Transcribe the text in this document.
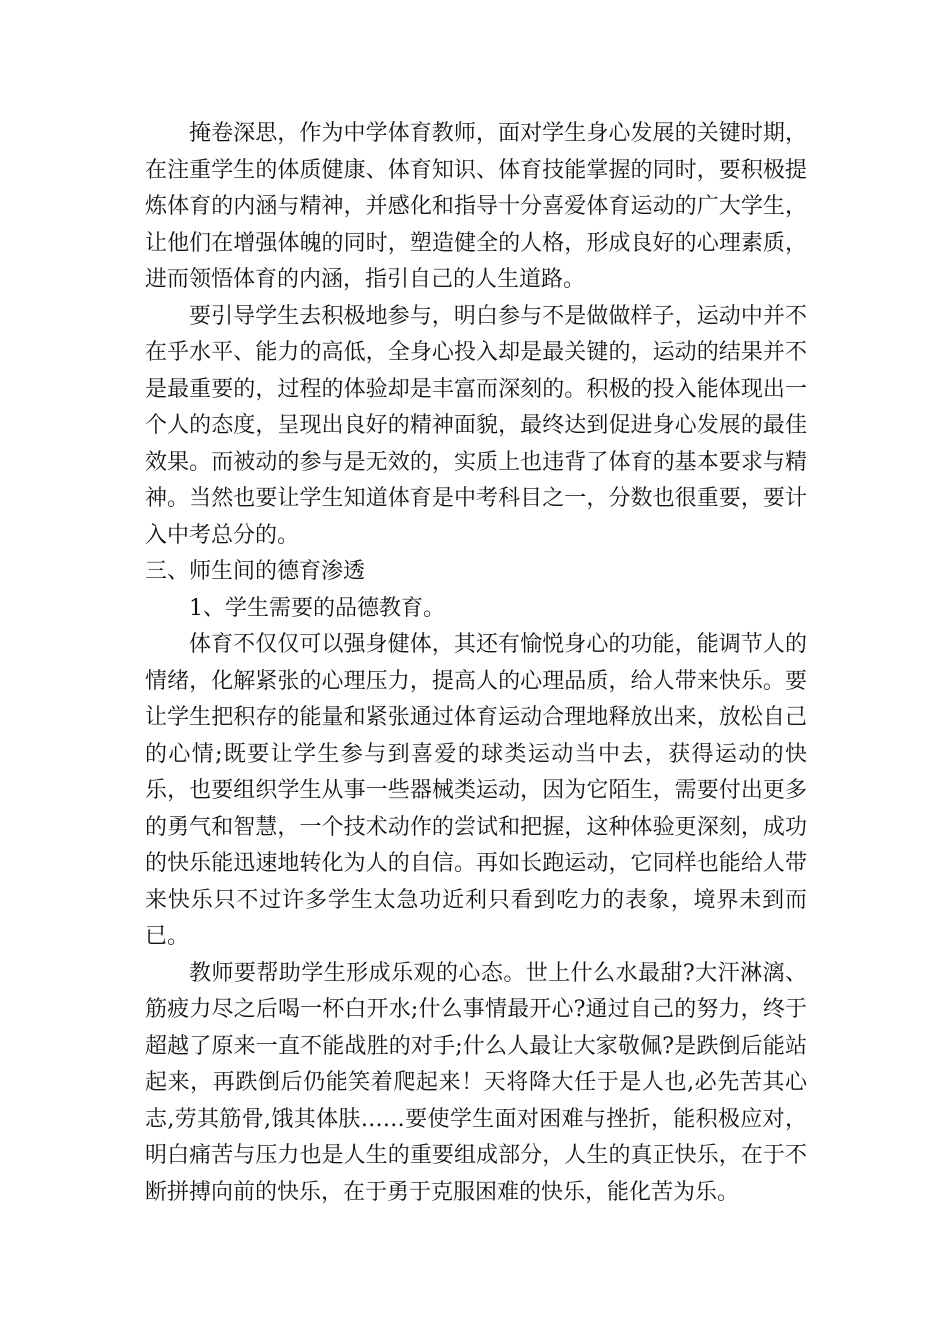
掩卷深思，作为中学体育教师，面对学生身心发展的关键时期，在注重学生的体质健康、体育知识、体育技能掌握的同时，要积极提炼体育的内涵与精神，并感化和指导十分喜爱体育运动的广大学生，让他们在增强体魄的同时，塑造健全的人格，形成良好的心理素质，进而领悟体育的内涵，指引自己的人生道路。

要引导学生去积极地参与，明白参与不是做做样子，运动中并不在乎水平、能力的高低，全身心投入却是最关键的，运动的结果并不是最重要的，过程的体验却是丰富而深刻的。积极的投入能体现出一个人的态度，呈现出良好的精神面貌，最终达到促进身心发展的最佳效果。而被动的参与是无效的，实质上也违背了体育的基本要求与精神。当然也要让学生知道体育是中考科目之一，分数也很重要，要计入中考总分的。

三、师生间的德育渗透

1、学生需要的品德教育。

体育不仅仅可以强身健体，其还有愉悦身心的功能，能调节人的情绪，化解紧张的心理压力，提高人的心理品质，给人带来快乐。要让学生把积存的能量和紧张通过体育运动合理地释放出来，放松自己的心情;既要让学生参与到喜爱的球类运动当中去，获得运动的快乐，也要组织学生从事一些器械类运动，因为它陌生，需要付出更多的勇气和智慧，一个技术动作的尝试和把握，这种体验更深刻，成功的快乐能迅速地转化为人的自信。再如长跑运动，它同样也能给人带来快乐只不过许多学生太急功近利只看到吃力的表象，境界未到而已。

教师要帮助学生形成乐观的心态。世上什么水最甜?大汗淋漓、筋疲力尽之后喝一杯白开水;什么事情最开心?通过自己的努力，终于超越了原来一直不能战胜的对手;什么人最让大家敬佩?是跌倒后能站起来，再跌倒后仍能笑着爬起来！天将降大任于是人也,必先苦其心志,劳其筋骨,饿其体肤……要使学生面对困难与挫折，能积极应对，明白痛苦与压力也是人生的重要组成部分，人生的真正快乐，在于不断拼搏向前的快乐，在于勇于克服困难的快乐，能化苦为乐。
